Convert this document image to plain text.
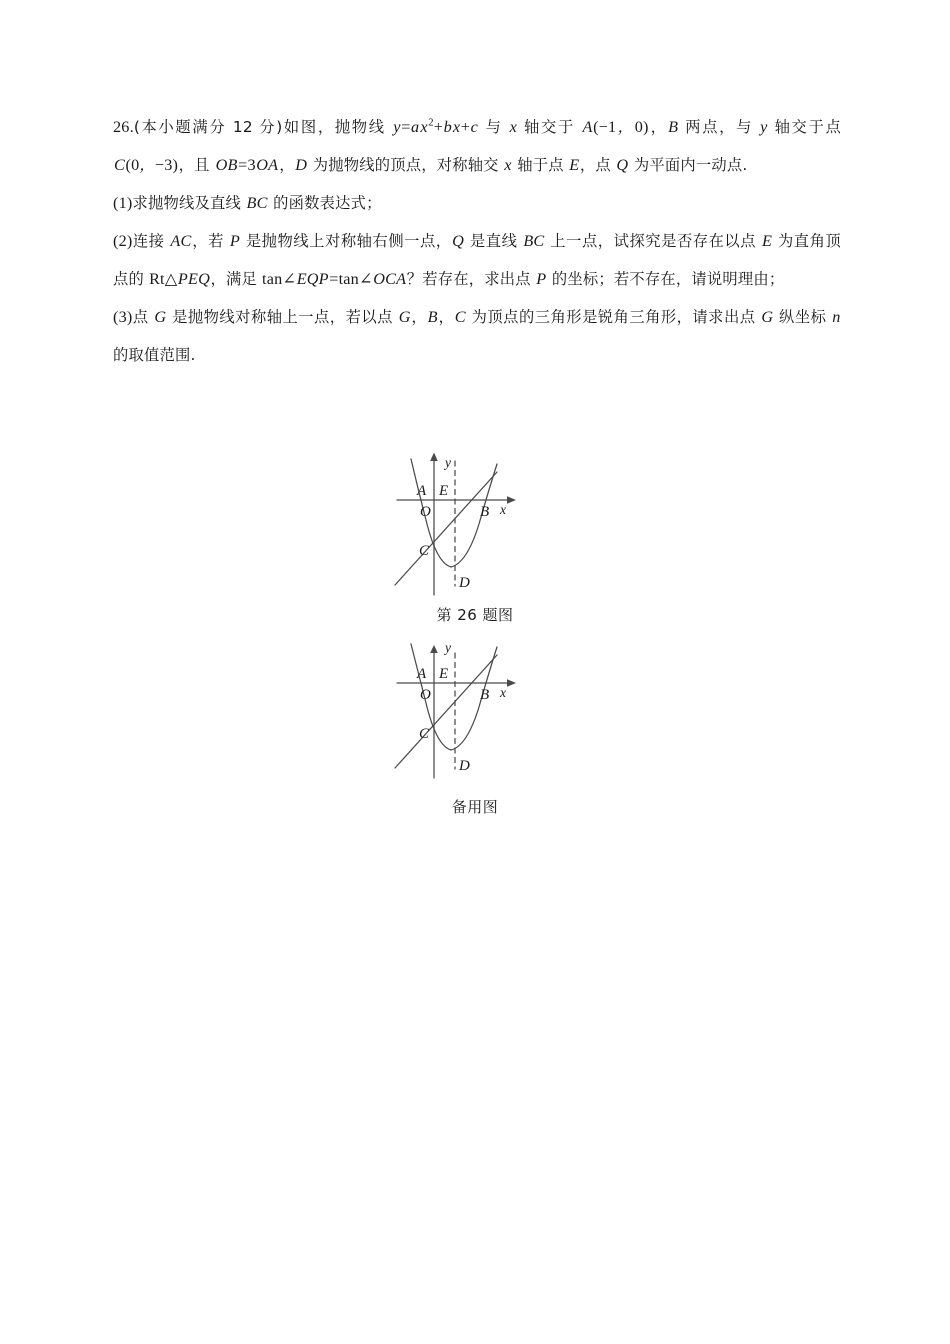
26.(本小题满分 12 分)如图，抛物线 $y=ax^2+bx+c$ 与 x 轴交于 A(−1，0)，B 两点，与 y 轴交于点 C(0，−3)，且 OB=3OA，D 为抛物线的顶点，对称轴交 x 轴于点 E，点 Q 为平面内一动点.
(1)求抛物线及直线 BC 的函数表达式；
(2)连接 AC，若 P 是抛物线上对称轴右侧一点，Q 是直线 BC 上一点，试探究是否存在以点 E 为直角顶点的 Rt△PEQ，满足 tan∠EQP=tan∠OCA？若存在，求出点 P 的坐标；若不存在，请说明理由；
(3)点 G 是抛物线对称轴上一点，若以点 G，B，C 为顶点的三角形是锐角三角形，请求出点 G 纵坐标 n 的取值范围.
A E
O	B
C
D
y
x
第 26 题图
A E
O	B
C
D
y
x
备用图
